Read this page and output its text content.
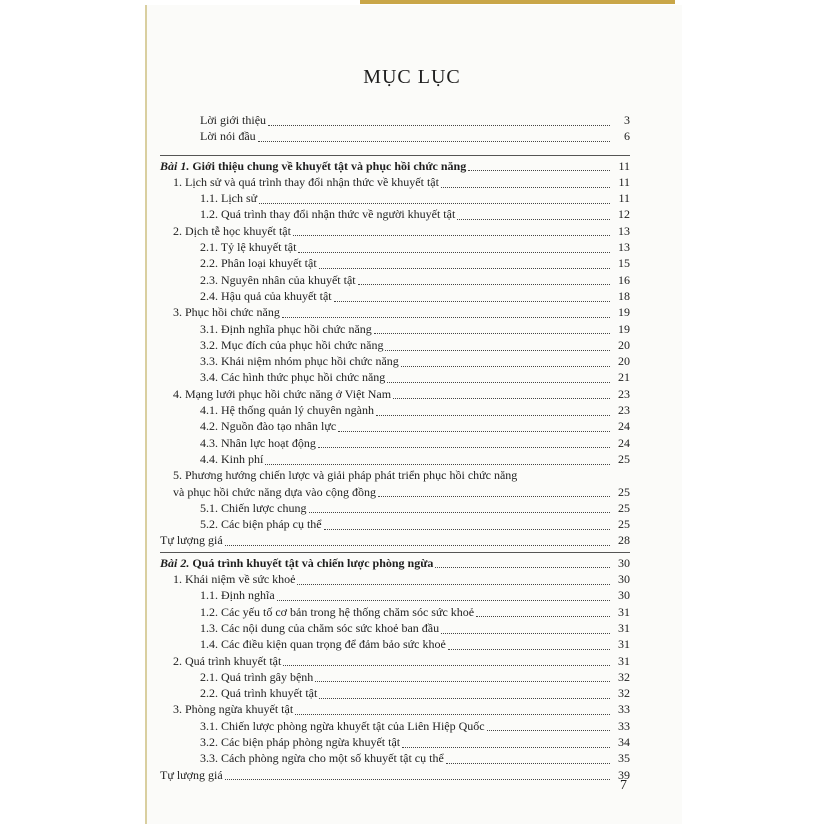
MỤC LỤC
Lời giới thiệu	3
Lời nói đầu	6
Bài 1. Giới thiệu chung về khuyết tật và phục hồi chức năng	11
1. Lịch sử và quá trình thay đổi nhận thức về khuyết tật	11
1.1. Lịch sử	11
1.2. Quá trình thay đổi nhận thức về người khuyết tật	12
2. Dịch tễ học khuyết tật	13
2.1. Tỷ lệ khuyết tật	13
2.2. Phân loại khuyết tật	15
2.3. Nguyên nhân của khuyết tật	16
2.4. Hậu quả của khuyết tật	18
3. Phục hồi chức năng	19
3.1. Định nghĩa phục hồi chức năng	19
3.2. Mục đích của phục hồi chức năng	20
3.3. Khái niệm nhóm phục hồi chức năng	20
3.4. Các hình thức phục hồi chức năng	21
4. Mạng lưới phục hồi chức năng ở Việt Nam	23
4.1. Hệ thống quản lý chuyên ngành	23
4.2. Nguồn đào tạo nhân lực	24
4.3. Nhân lực hoạt động	24
4.4. Kinh phí	25
5. Phương hướng chiến lược và giải pháp phát triển phục hồi chức năng
và phục hồi chức năng dựa vào cộng đồng	25
5.1. Chiến lược chung	25
5.2. Các biện pháp cụ thể	25
Tự lượng giá	28
Bài 2. Quá trình khuyết tật và chiến lược phòng ngừa	30
1. Khái niệm về sức khoẻ	30
1.1. Định nghĩa	30
1.2. Các yếu tố cơ bản trong hệ thống chăm sóc sức khoẻ	31
1.3. Các nội dung của chăm sóc sức khoẻ ban đầu	31
1.4. Các điều kiện quan trọng để đảm bảo sức khoẻ	31
2. Quá trình khuyết tật	31
2.1. Quá trình gây bệnh	32
2.2. Quá trình khuyết tật	32
3. Phòng ngừa khuyết tật	33
3.1. Chiến lược phòng ngừa khuyết tật của Liên Hiệp Quốc	33
3.2. Các biện pháp phòng ngừa khuyết tật	34
3.3. Cách phòng ngừa cho một số khuyết tật cụ thể	35
Tự lượng giá	39
7
